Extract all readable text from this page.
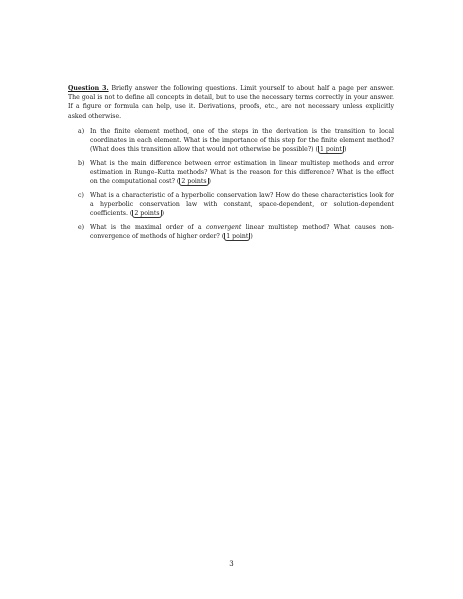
Question 3. Briefly answer the following questions. Limit yourself to about half a page per answer. The goal is not to define all concepts in detail, but to use the necessary terms correctly in your answer. If a figure or formula can help, use it. Derivations, proofs, etc., are not necessary unless explicitly asked otherwise.

a) In the finite element method, one of the steps in the derivation is the transition to local coordinates in each element. What is the importance of this step for the finite element method? (What does this transition allow that would not otherwise be possible?) ( 1 point )
b) What is the main difference between error estimation in linear multistep methods and error estimation in Runge–Kutta methods? What is the reason for this difference? What is the effect on the computational cost? ( 2 points )
c) What is a characteristic of a hyperbolic conservation law? How do these characteristics look for a hyperbolic conservation law with constant, space-dependent, or solution-dependent coefficients. ( 2 points )
e) What is the maximal order of a convergent linear multistep method? What causes non-convergence of methods of higher order? ( 1 point )
3
